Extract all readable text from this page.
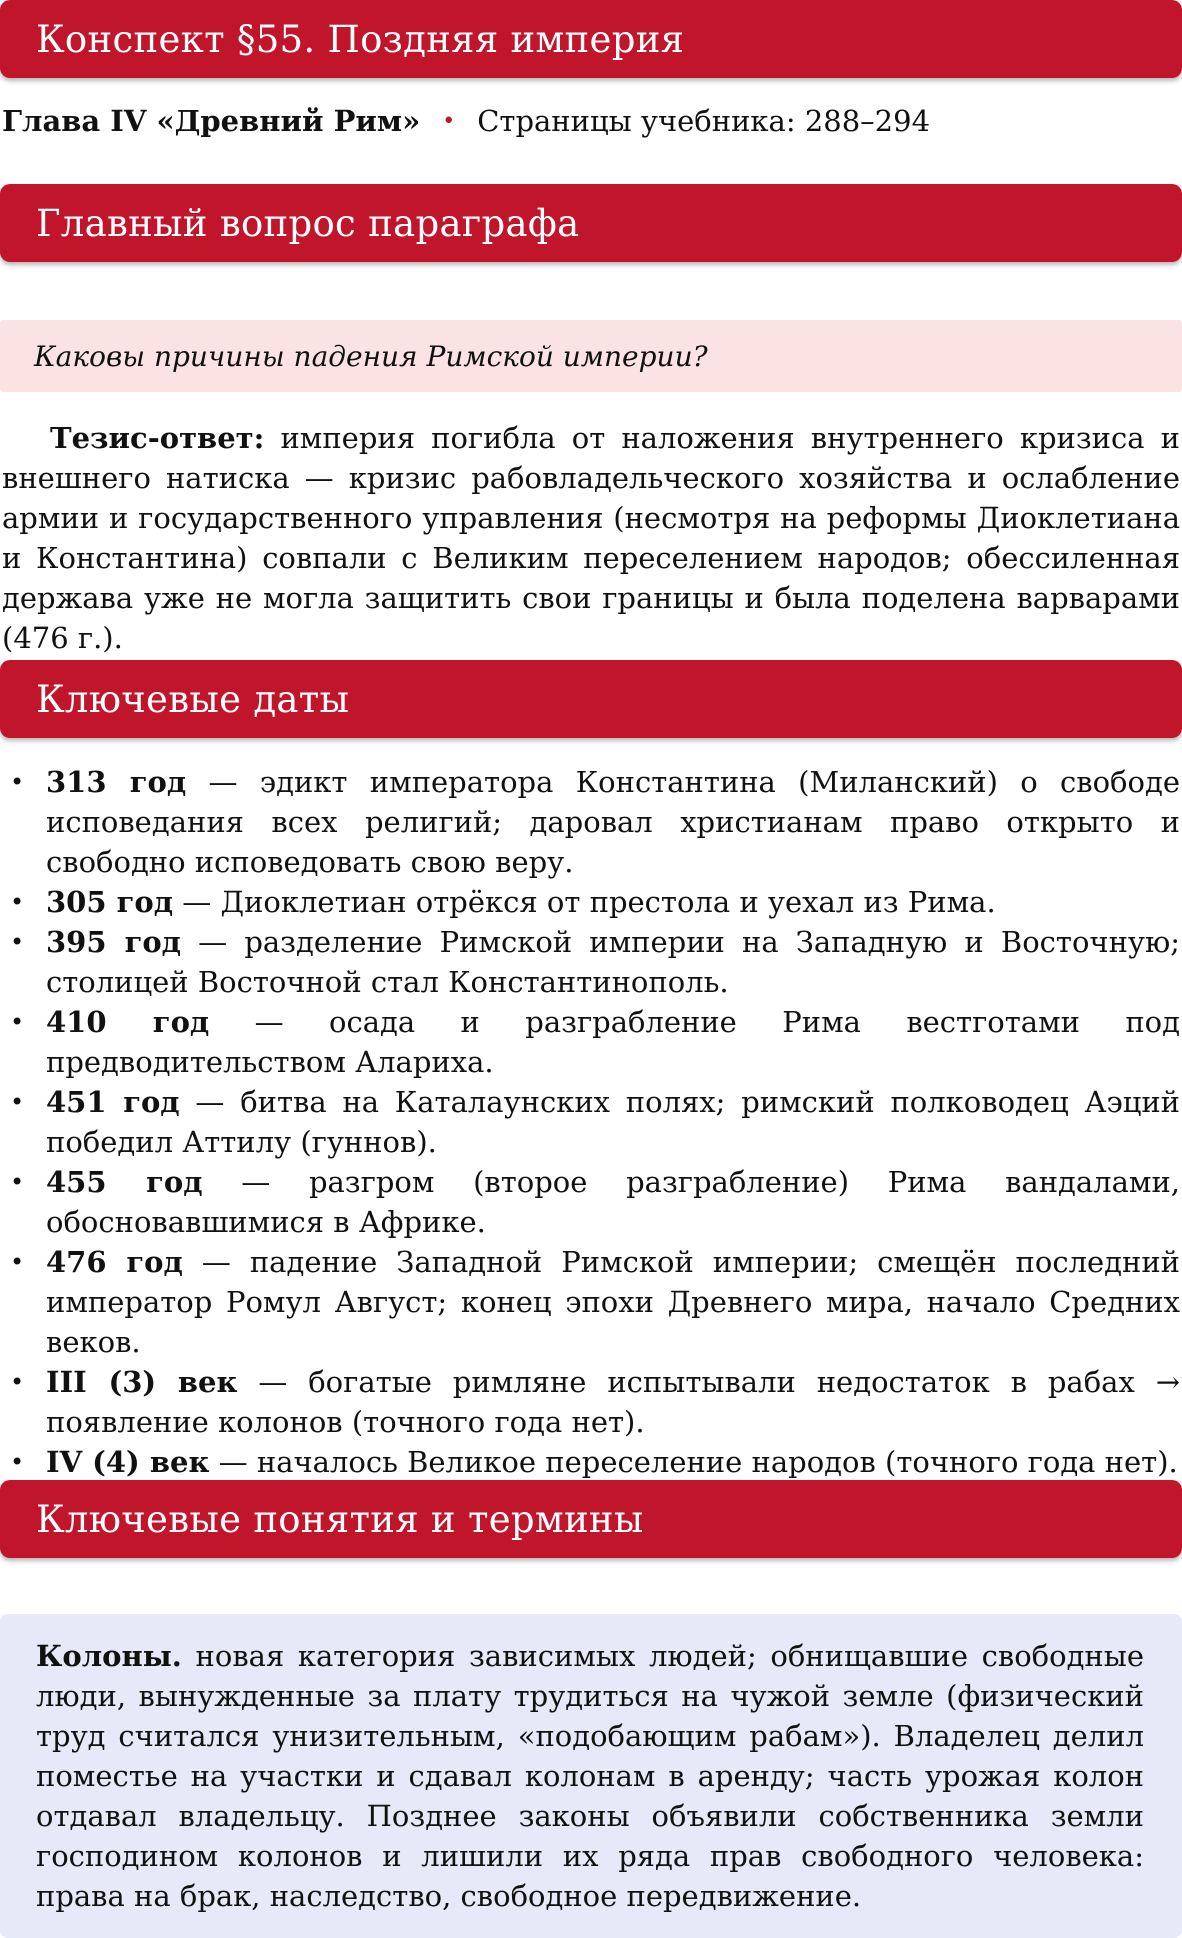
Конспект §55. Поздняя империя
Глава IV «Древний Рим» • Страницы учебника: 288–294
Главный вопрос параграфа
Каковы причины падения Римской империи?
Тезис-ответ: империя погибла от наложения внутреннего кризиса и внешнего натиска — кризис рабовладельческого хозяйства и ослабление армии и государственного управления (несмотря на реформы Диоклетиана и Константина) совпали с Великим переселением народов; обессиленная держава уже не могла защитить свои границы и была поделена варварами (476 г.).
Ключевые даты
• 313 год — эдикт императора Константина (Миланский) о свободе исповедания всех религий; даровал христианам право открыто и свободно исповедовать свою веру.
• 305 год — Диоклетиан отрёкся от престола и уехал из Рима.
• 395 год — разделение Римской империи на Западную и Восточную; столицей Восточной стал Константинополь.
• 410 год — осада и разграбление Рима вестготами под предводительством Алариха.
• 451 год — битва на Каталаунских полях; римский полководец Аэций победил Аттилу (гуннов).
• 455 год — разгром (второе разграбление) Рима вандалами, обосновавшимися в Африке.
• 476 год — падение Западной Римской империи; смещён последний император Ромул Август; конец эпохи Древнего мира, начало Средних веков.
• III (3) век — богатые римляне испытывали недостаток в рабах → появление колонов (точного года нет).
• IV (4) век — началось Великое переселение народов (точного года нет).
Ключевые понятия и термины
Колоны. новая категория зависимых людей; обнищавшие свободные люди, вынужденные за плату трудиться на чужой земле (физический труд считался унизительным, «подобающим рабам»). Владелец делил поместье на участки и сдавал колонам в аренду; часть урожая колон отдавал владельцу. Позднее законы объявили собственника земли господином колонов и лишили их ряда прав свободного человека: права на брак, наследство, свободное передвижение.
